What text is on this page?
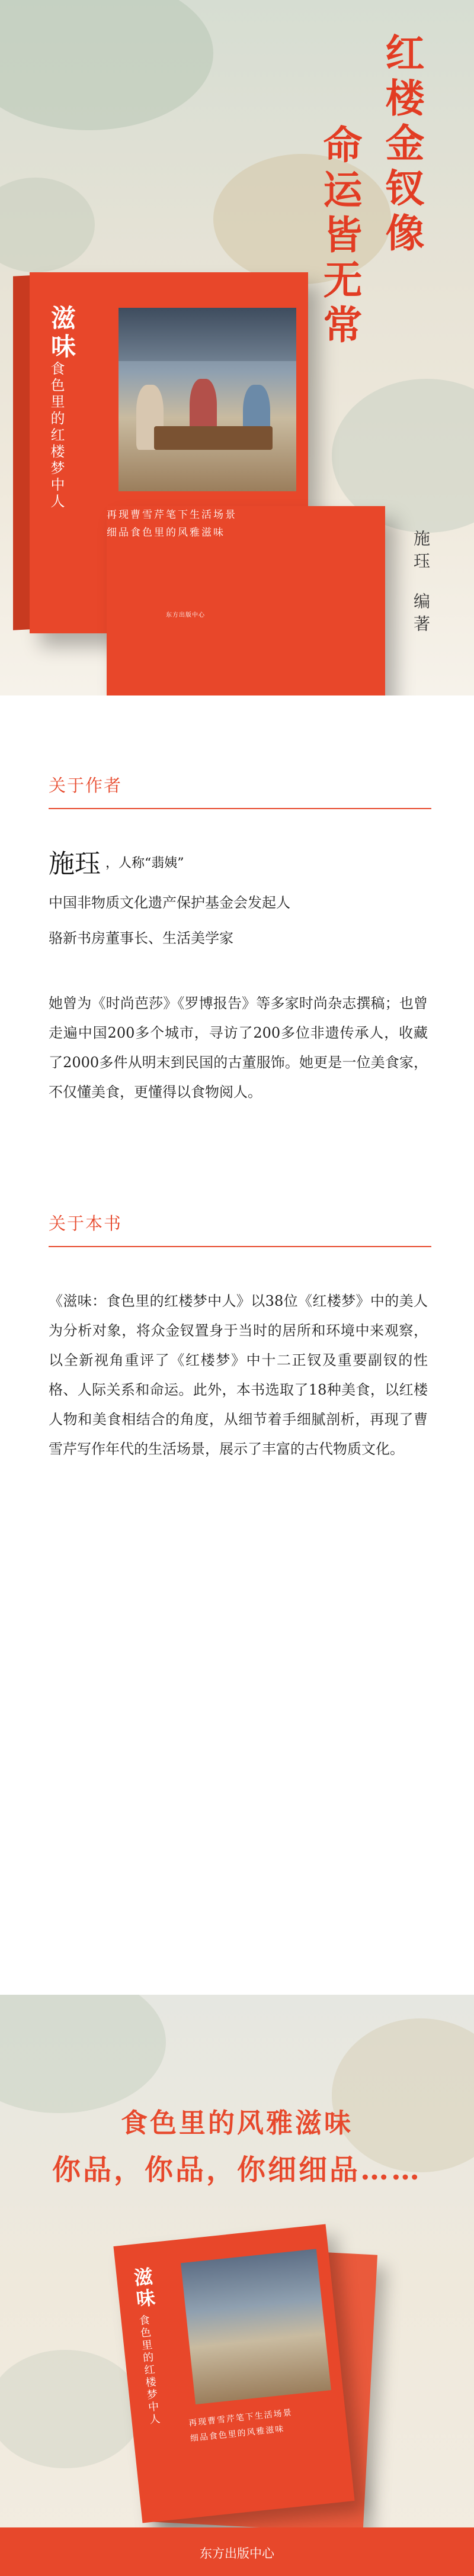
红楼金钗像
命运皆无常
施珏编著
滋味
食色里的红楼梦中人
再现曹雪芹笔下生活场景
细品食色里的风雅滋味
东方出版中心
关于作者
施珏 ，人称“翡姨”
中国非物质文化遗产保护基金会发起人
骆新书房董事长、生活美学家
她曾为《时尚芭莎》《罗博报告》等多家时尚杂志撰稿；也曾走遍中国200多个城市，寻访了200多位非遗传承人，收藏了2000多件从明末到民国的古董服饰。她更是一位美食家，不仅懂美食，更懂得以食物阅人。
关于本书
《滋味：食色里的红楼梦中人》以38位《红楼梦》中的美人为分析对象，将众金钗置身于当时的居所和环境中来观察，以全新视角重评了《红楼梦》中十二正钗及重要副钗的性格、人际关系和命运。此外，本书选取了18种美食，以红楼人物和美食相结合的角度，从细节着手细腻剖析，再现了曹雪芹写作年代的生活场景，展示了丰富的古代物质文化。
食色里的风雅滋味
你品，你品，你细细品……
滋味
食色里的红楼梦中人	再现曹雪芹笔下生活场景
细品食色里的风雅滋味
东方出版中心
